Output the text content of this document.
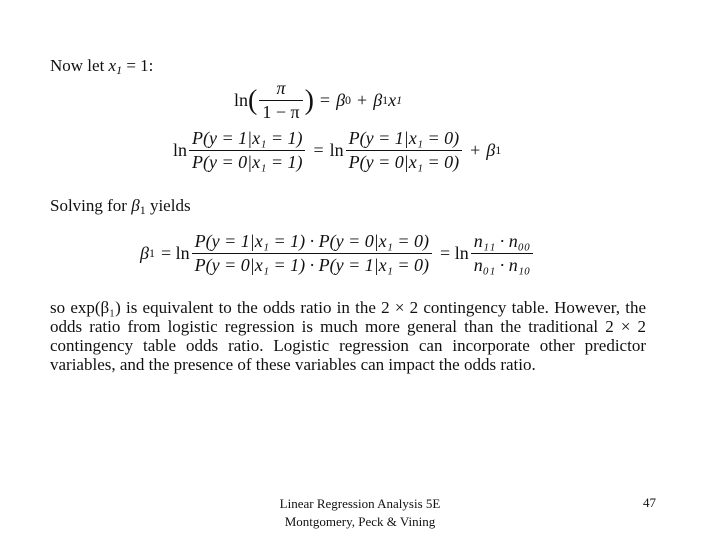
Now let $x_1 = 1$:
ln ( $\frac{\pi}{1 - \pi}$ ) = β 0 + β 1 x 1
$\ln \frac{\text{P(y = 1|x₁ = 1)}}{\text{P(y = 0|x₁ = 1)}} = \ln \frac{\text{P(y = 1|x₁ = 0)}}{\text{P(y = 0|x₁ = 0)}} + \beta$ 1
Solving for $\beta_1$ yields
β $1 = \ln \frac{\text{P(y = 1|x₁ = 1) · P(y = 0|x₁ = 0)}}{\text{P(y = 0|x₁ = 1) · P(y = 1|x₁ = 0)}} = \ln \frac{\text{n₁₁ · n₀₀}}{\text{n₀₁ · n₁₀}}$
so exp(β₁) is equivalent to the odds ratio in the 2 × 2 contingency table. However, the odds ratio from logistic regression is much more general than the traditional 2 × 2 contingency table odds ratio. Logistic regression can incorporate other predictor variables, and the presence of these variables can impact the odds ratio.
Linear Regression Analysis 5E
Montgomery, Peck & Vining
47
